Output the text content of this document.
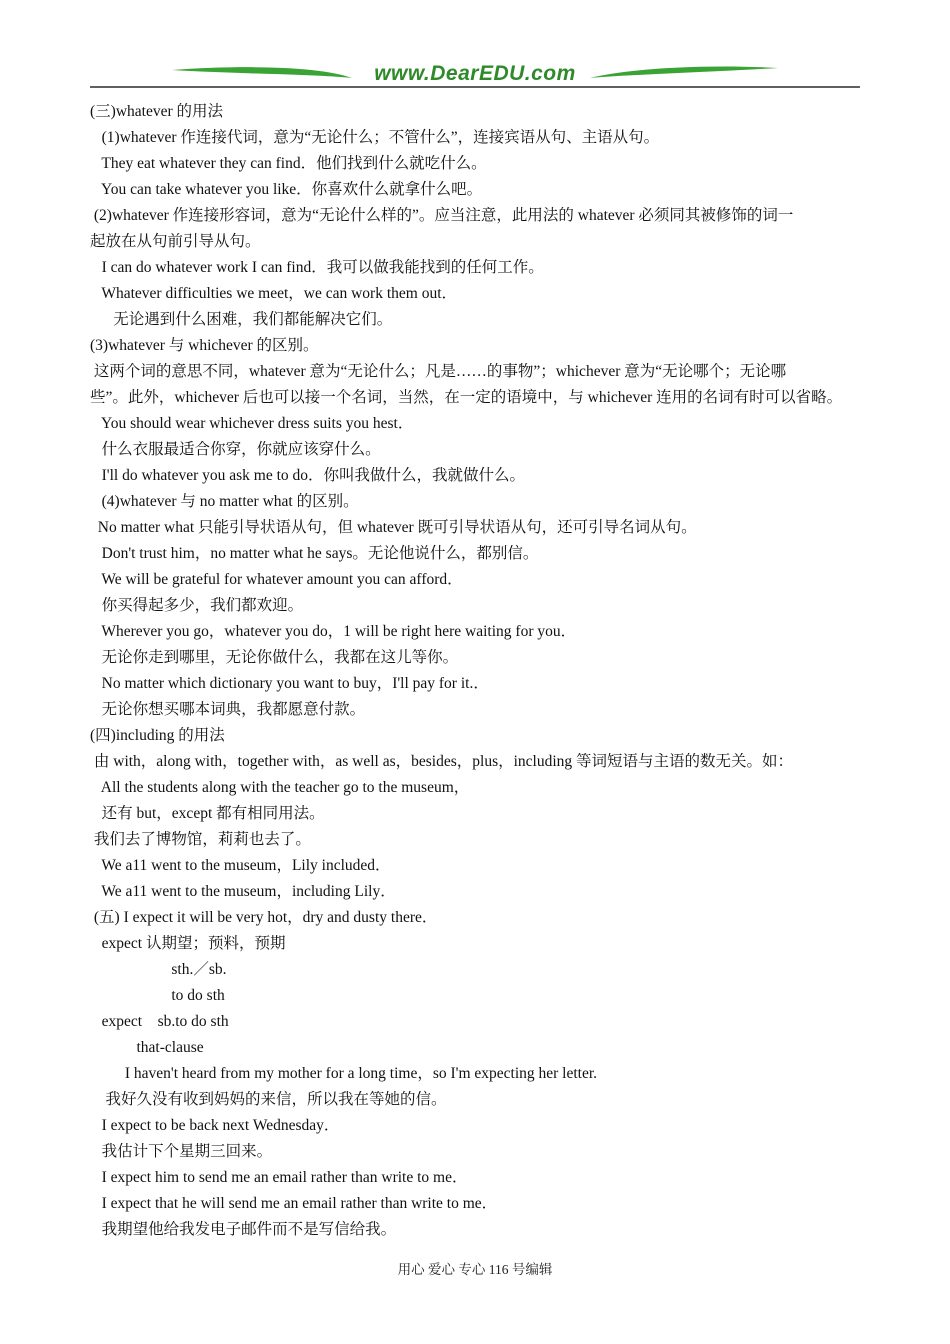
www.DearEDU.com
(三)whatever 的用法
(1)whatever 作连接代词，意为“无论什么；不管什么”，连接宾语从句、主语从句。
They eat whatever they can find．他们找到什么就吃什么。
You can take whatever you like．你喜欢什么就拿什么吧。
(2)whatever 作连接形容词，意为“无论什么样的”。应当注意，此用法的 whatever 必须同其被修饰的词一
起放在从句前引导从句。
I can do whatever work I can find．我可以做我能找到的任何工作。
Whatever difficulties we meet，we can work them out．
无论遇到什么困难，我们都能解决它们。
(3)whatever 与 whichever 的区别。
这两个词的意思不同，whatever 意为“无论什么；凡是……的事物”；whichever 意为“无论哪个；无论哪
些”。此外，whichever 后也可以接一个名词，当然，在一定的语境中，与 whichever 连用的名词有时可以省略。
You should wear whichever dress suits you hest．
什么衣服最适合你穿，你就应该穿什么。
I'll do whatever you ask me to do．你叫我做什么，我就做什么。
(4)whatever 与 no matter what 的区别。
No matter what 只能引导状语从句，但 whatever 既可引导状语从句，还可引导名词从句。
Don't trust him，no matter what he says。无论他说什么，都别信。
We will be grateful for whatever amount you can afford．
你买得起多少，我们都欢迎。
Wherever you go，whatever you do，1 will be right here waiting for you．
无论你走到哪里，无论你做什么，我都在这儿等你。
No matter which dictionary you want to buy，I'll pay for it.．
无论你想买哪本词典，我都愿意付款。
(四)including 的用法
由 with，along with，together with，as well as，besides，plus，including 等词短语与主语的数无关。如：
All the students along with the teacher go to the museum，
还有 but，except 都有相同用法。
我们去了博物馆，莉莉也去了。
We a11 went to the museum，Lily included．
We a11 went to the museum，including Lily．
(五) I expect it will be very hot，dry and dusty there．
expect 认期望；预料，预期
sth.／sb.
to do sth
expect    sb.to do sth
that-clause
I haven't heard from my mother for a long time，so I'm expecting her letter.
我好久没有收到妈妈的来信，所以我在等她的信。
I expect to be back next Wednesday．
我估计下个星期三回来。
I expect him to send me an email rather than write to me．
I expect that he will send me an email rather than write to me．
我期望他给我发电子邮件而不是写信给我。
用心 爱心 专心 116 号编辑
